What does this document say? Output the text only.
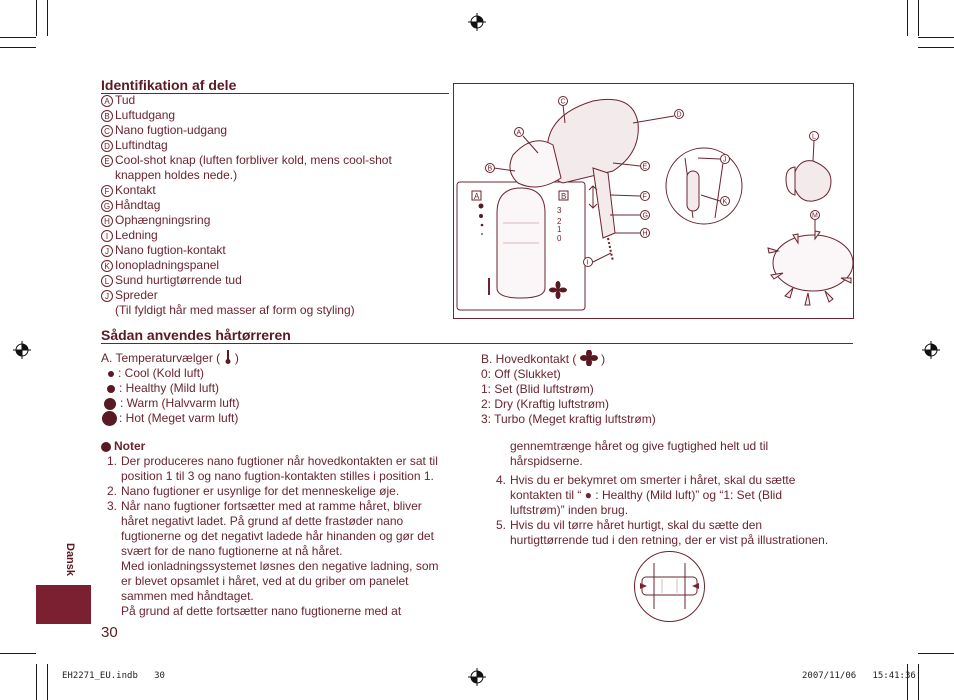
Identifikation af dele
A Tud
B Luftudgang
C Nano fugtion-udgang
D Luftindtag
E Cool-shot knap (luften forbliver kold, mens cool-shot
knappen holdes nede.)
F Kontakt
G Håndtag
H Ophængningsring
I Ledning
J Nano fugtion-kontakt
K Ionopladningspanel
L Sund hurtigtørrende tud
J Spreder
(Til fyldigt hår med masser af form og styling)
A	B
3
2
1
0
A
B
C
D
E
F
G
H
I
J
K
L
M
Sådan anvendes hårtørreren
A. Temperaturvælger ( )
: Cool (Kold luft)
: Healthy (Mild luft)
: Warm (Halvvarm luft)
: Hot (Meget varm luft)
B. Hovedkontakt ( )
0: Off (Slukket)
1: Set (Blid luftstrøm)
2: Dry (Kraftig luftstrøm)
3: Turbo (Meget kraftig luftstrøm)
Noter
1. Der produceres nano fugtioner når hovedkontakten er sat til
position 1 til 3 og nano fugtion-kontakten stilles i position 1.
2. Nano fugtioner er usynlige for det menneskelige øje.
3. Når nano fugtioner fortsætter med at ramme håret, bliver
håret negativt ladet. På grund af dette frastøder nano
fugtionerne og det negativt ladede hår hinanden og gør det
svært for de nano fugtionerne at nå håret.
Med ionladningssystemet løsnes den negative ladning, som
er blevet opsamlet i håret, ved at du griber om panelet
sammen med håndtaget.
På grund af dette fortsætter nano fugtionerne med at
gennemtrænge håret og give fugtighed helt ud til
hårspidserne.
4. Hvis du er bekymret om smerter i håret, skal du sætte
kontakten til “ ● : Healthy (Mild luft)” og “1: Set (Blid
luftstrøm)” inden brug.
5. Hvis du vil tørre håret hurtigt, skal du sætte den
hurtigttørrende tud i den retning, der er vist på illustrationen.
Dansk
30
EH2271_EU.indb   30	2007/11/06   15:41:36
